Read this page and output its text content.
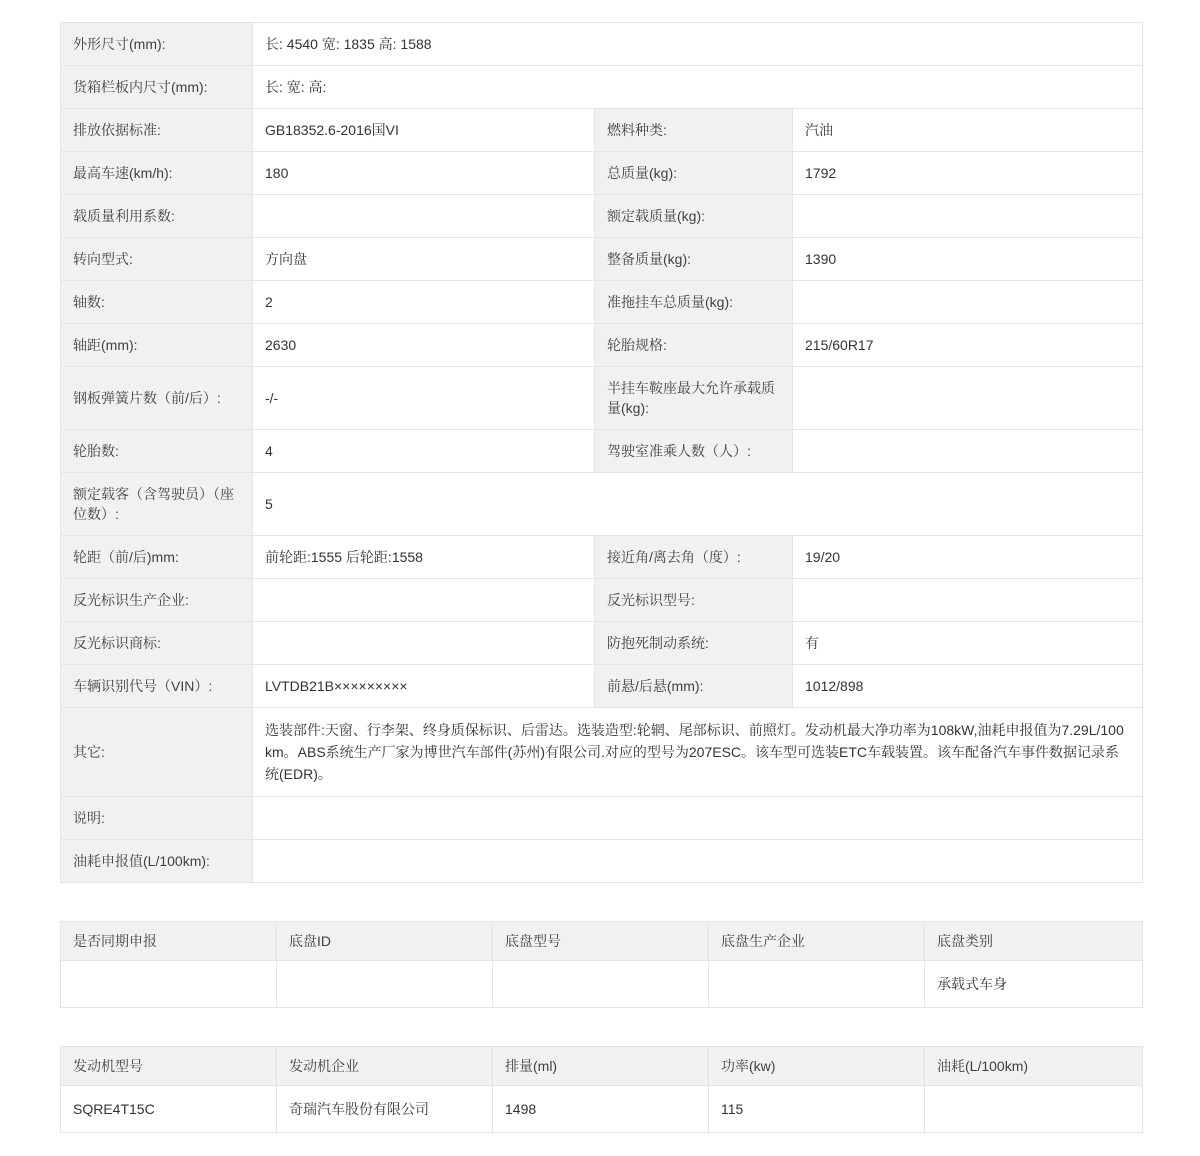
外形尺寸(mm):	长: 4540 宽: 1835 高: 1588		
货箱栏板内尺寸(mm):	长: 宽: 高:		
排放依据标准:	GB18352.6-2016国VI	燃料种类:	汽油
最高车速(km/h):	180	总质量(kg):	1792
载质量利用系数:		额定载质量(kg):	
转向型式:	方向盘	整备质量(kg):	1390
轴数:	2	准拖挂车总质量(kg):	
轴距(mm):	2630	轮胎规格:	215/60R17
钢板弹簧片数（前/后）:	-/-	半挂车鞍座最大允许承载质量(kg):	
轮胎数:	4	驾驶室准乘人数（人）:	
额定载客（含驾驶员）（座位数）:	5		
轮距（前/后)mm:	前轮距:1555 后轮距:1558	接近角/离去角（度）:	19/20
反光标识生产企业:		反光标识型号:	
反光标识商标:		防抱死制动系统:	有
车辆识别代号（VIN）:	LVTDB21B×××××××××	前悬/后悬(mm):	1012/898
其它:	选装部件:天窗、行李架、终身质保标识、后雷达。选装造型:轮辋、尾部标识、前照灯。发动机最大净功率为108kW,油耗申报值为7.29L/100km。ABS系统生产厂家为博世汽车部件(苏州)有限公司.对应的型号为207ESC。该车型可选装ETC车载装置。该车配备汽车事件数据记录系统(EDR)。		
说明:			
油耗申报值(L/100km):			
是否同期申报	底盘ID	底盘型号	底盘生产企业	底盘类别
				承载式车身
发动机型号	发动机企业	排量(ml)	功率(kw)	油耗(L/100km)
SQRE4T15C	奇瑞汽车股份有限公司	1498	115	
